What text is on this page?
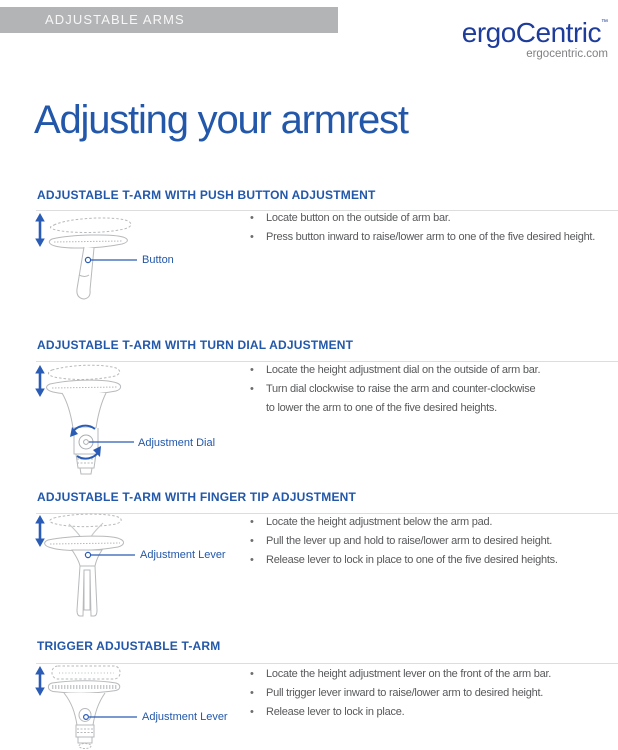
ADJUSTABLE ARMS	ergoCentric™
ergocentric.com
Adjusting your armrest
ADJUSTABLE T-ARM WITH PUSH BUTTON ADJUSTMENT
Button
• Locate button on the outside of arm bar.
• Press button inward to raise/lower arm to one of the five desired height.
ADJUSTABLE T-ARM WITH TURN DIAL ADJUSTMENT
Adjustment Dial
• Locate the height adjustment dial on the outside of arm bar.
• Turn dial clockwise to raise the arm and counter-clockwise
to lower the arm to one of the five desired heights.
ADJUSTABLE T-ARM WITH FINGER TIP ADJUSTMENT
Adjustment Lever
• Locate the height adjustment below the arm pad.
• Pull the lever up and hold to raise/lower arm to desired height.
• Release lever to lock in place to one of the five desired heights.
TRIGGER ADJUSTABLE T-ARM
Adjustment Lever
• Locate the height adjustment lever on the front of the arm bar.
• Pull trigger lever inward to raise/lower arm to desired height.
• Release lever to lock in place.
